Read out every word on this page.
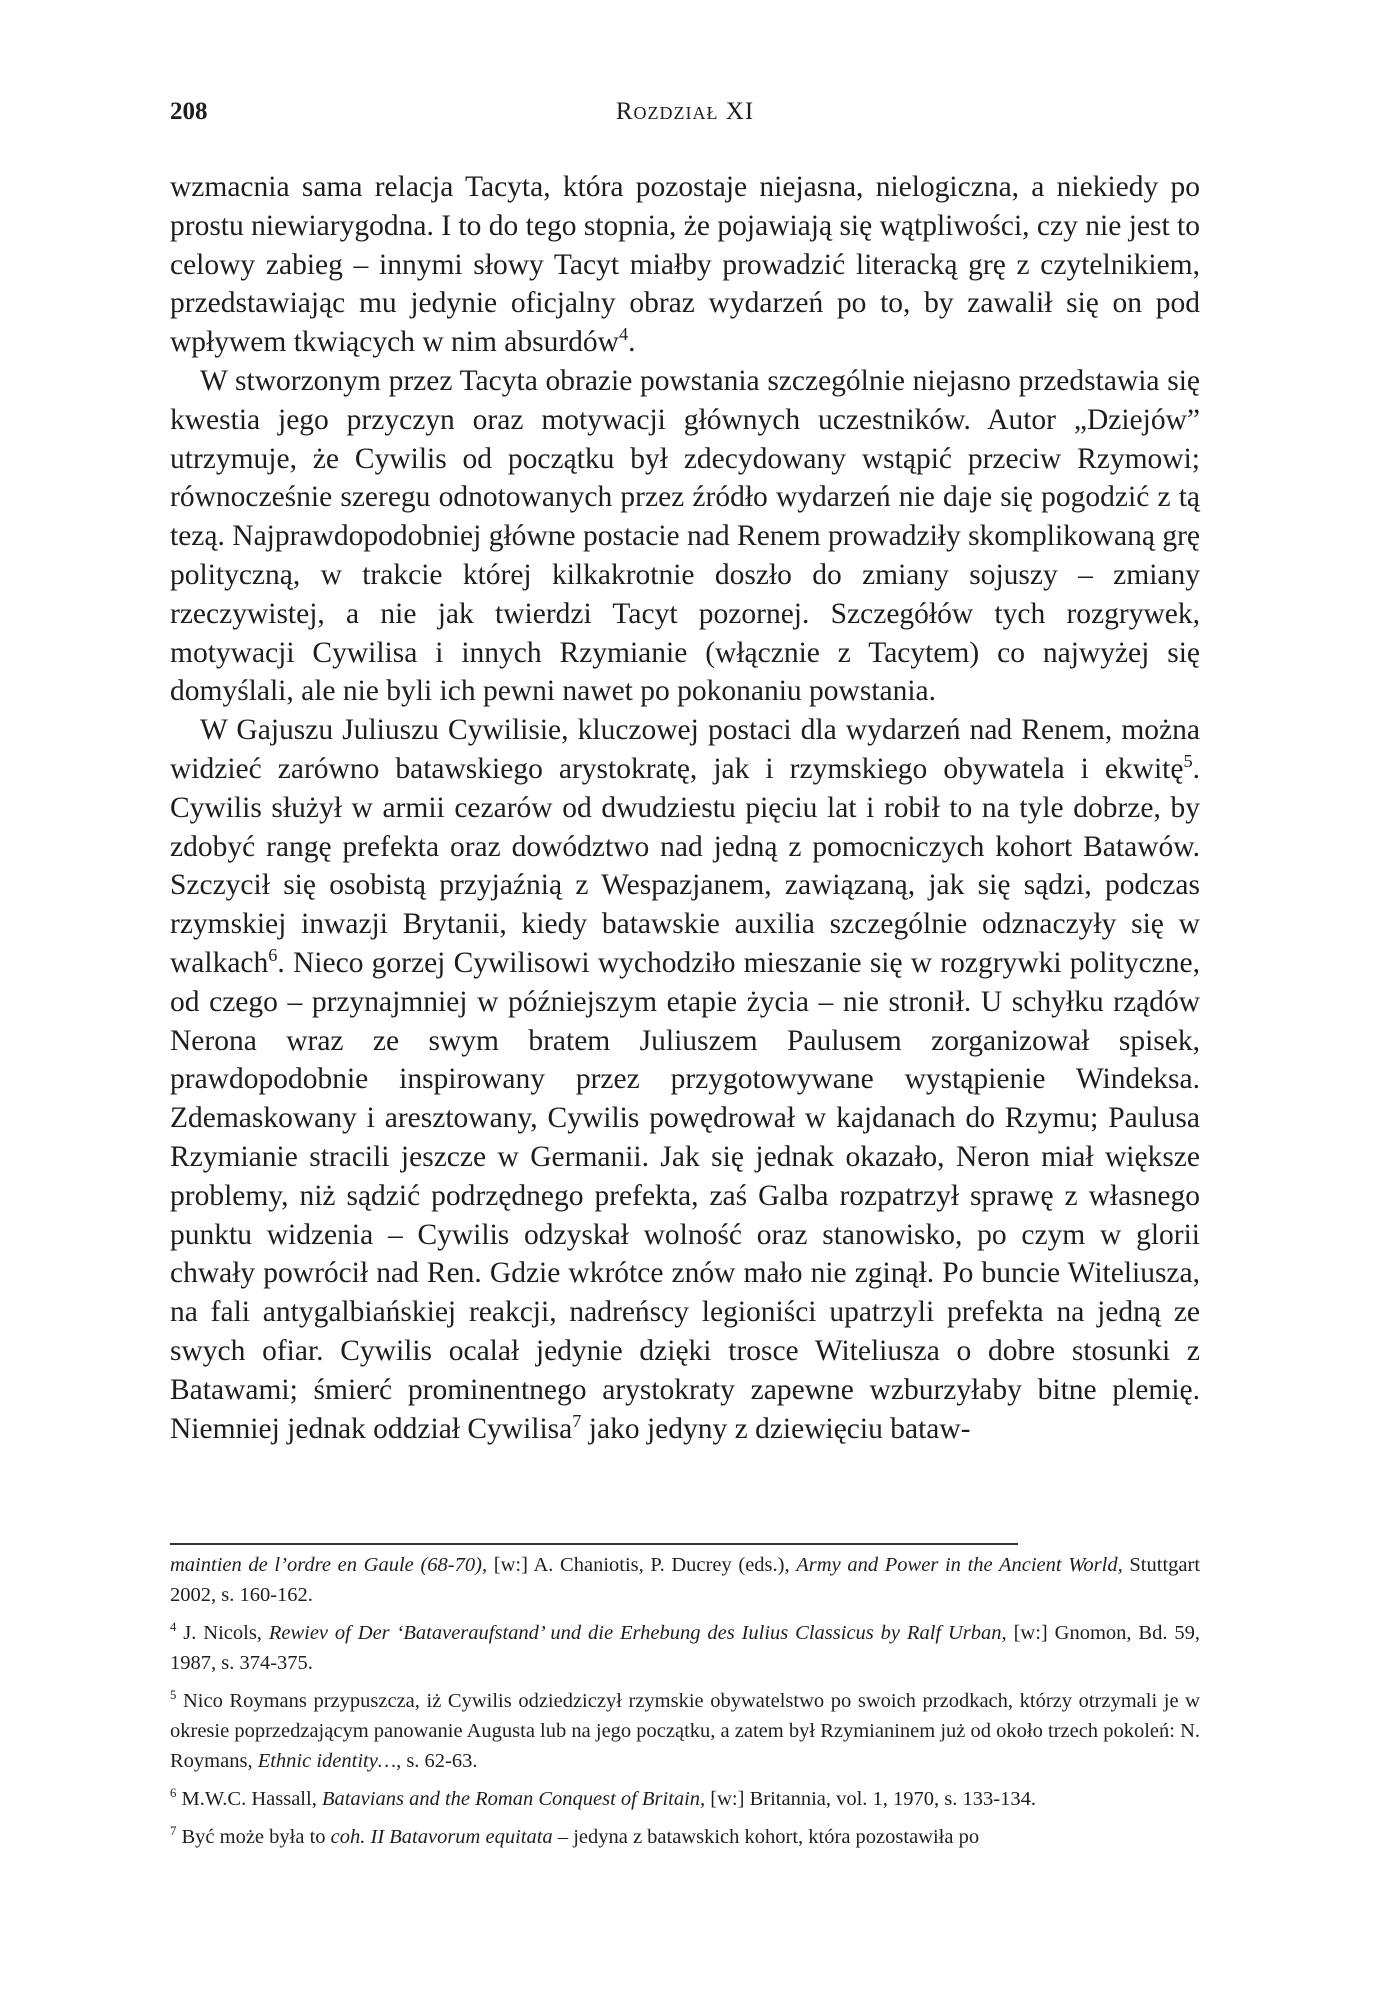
208	Rozdział XI

wzmacnia sama relacja Tacyta, która pozostaje niejasna, nielogiczna, a niekiedy po prostu niewiarygodna. I to do tego stopnia, że pojawiają się wątpliwości, czy nie jest to celowy zabieg – innymi słowy Tacyt miałby prowadzić literacką grę z czytelnikiem, przedstawiając mu jedynie oficjalny obraz wydarzeń po to, by zawalił się on pod wpływem tkwiących w nim absurdów$^4$.

W stworzonym przez Tacyta obrazie powstania szczególnie niejasno przedstawia się kwestia jego przyczyn oraz motywacji głównych uczestników. Autor „Dziejów” utrzymuje, że Cywilis od początku był zdecydowany wstąpić przeciw Rzymowi; równocześnie szeregu odnotowanych przez źródło wydarzeń nie daje się pogodzić z tą tezą. Najprawdopodobniej główne postacie nad Renem prowadziły skomplikowaną grę polityczną, w trakcie której kilkakrotnie doszło do zmiany sojuszy – zmiany rzeczywistej, a nie jak twierdzi Tacyt pozornej. Szczegółów tych rozgrywek, motywacji Cywilisa i innych Rzymianie (włącznie z Tacytem) co najwyżej się domyślali, ale nie byli ich pewni nawet po pokonaniu powstania.

W Gajuszu Juliuszu Cywilisie, kluczowej postaci dla wydarzeń nad Renem, można widzieć zarówno batawskiego arystokratę, jak i rzymskiego obywatela i ekwitę$^5$. Cywilis służył w armii cezarów od dwudziestu pięciu lat i robił to na tyle dobrze, by zdobyć rangę prefekta oraz dowództwo nad jedną z pomocniczych kohort Batawów. Szczycił się osobistą przyjaźnią z Wespazjanem, zawiązaną, jak się sądzi, podczas rzymskiej inwazji Brytanii, kiedy batawskie auxilia szczególnie odznaczyły się w walkach$^6$. Nieco gorzej Cywilisowi wychodziło mieszanie się w rozgrywki polityczne, od czego – przynajmniej w późniejszym etapie życia – nie stronił. U schyłku rządów Nerona wraz ze swym bratem Juliuszem Paulusem zorganizował spisek, prawdopodobnie inspirowany przez przygotowywane wystąpienie Windeksa. Zdemaskowany i aresztowany, Cywilis powędrował w kajdanach do Rzymu; Paulusa Rzymianie stracili jeszcze w Germanii. Jak się jednak okazało, Neron miał większe problemy, niż sądzić podrzędnego prefekta, zaś Galba rozpatrzył sprawę z własnego punktu widzenia – Cywilis odzyskał wolność oraz stanowisko, po czym w glorii chwały powrócił nad Ren. Gdzie wkrótce znów mało nie zginął. Po buncie Witeliusza, na fali antygalbiańskiej reakcji, nadreńscy legioniści upatrzyli prefekta na jedną ze swych ofiar. Cywilis ocalał jedynie dzięki trosce Witeliusza o dobre stosunki z Batawami; śmierć prominentnego arystokraty zapewne wzburzyłaby bitne plemię. Niemniej jednak oddział Cywilisa$^7$ jako jedyny z dziewięciu bataw-

maintien de l’ordre en Gaule (68-70), [w:] A. Chaniotis, P. Ducrey (eds.), Army and Power in the Ancient World, Stuttgart 2002, s. 160-162.

$^4$ J. Nicols, Rewiev of Der ‘Bataveraufstand’ und die Erhebung des Iulius Classicus by Ralf Urban, [w:] Gnomon, Bd. 59, 1987, s. 374-375.

$^5$ Nico Roymans przypuszcza, iż Cywilis odziedziczył rzymskie obywatelstwo po swoich przodkach, którzy otrzymali je w okresie poprzedzającym panowanie Augusta lub na jego początku, a zatem był Rzymianinem już od około trzech pokoleń: N. Roymans, Ethnic identity…, s. 62-63.

$^6$ M.W.C. Hassall, Batavians and the Roman Conquest of Britain, [w:] Britannia, vol. 1, 1970, s. 133-134.

$^7$ Być może była to coh. II Batavorum equitata – jedyna z batawskich kohort, która pozostawiła po
